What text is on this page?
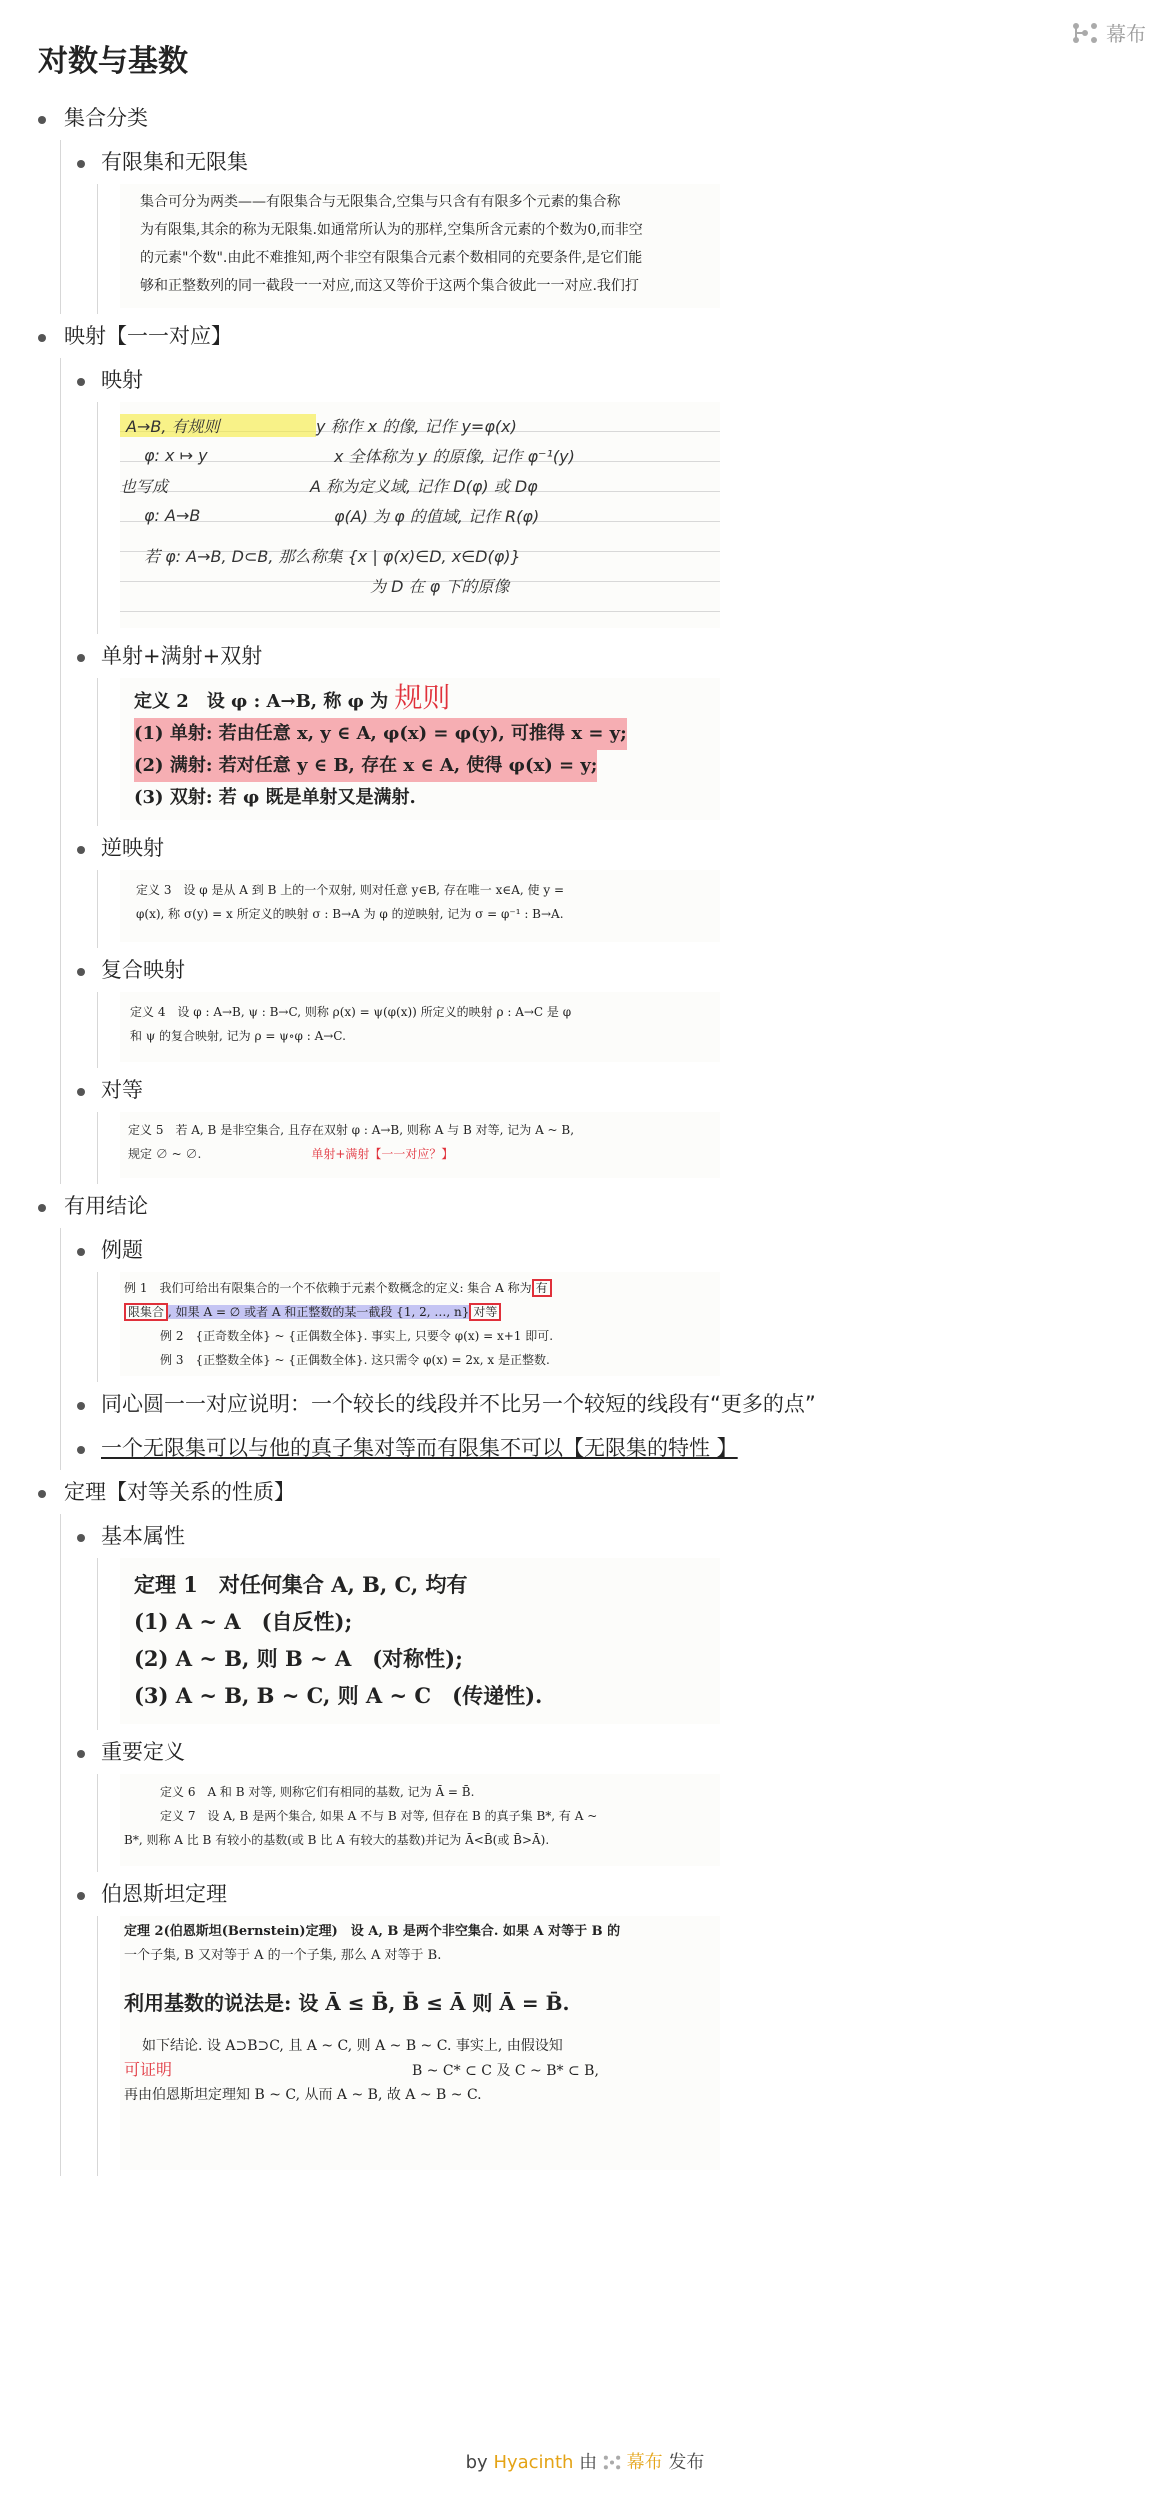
幕布
对数与基数
集合分类
有限集和无限集

集合可分为两类——有限集合与无限集合,空集与只含有有限多个元素的集合称

为有限集,其余的称为无限集.如通常所认为的那样,空集所含元素的个数为0,而非空

的元素"个数".由此不难推知,两个非空有限集合元素个数相同的充要条件,是它们能

够和正整数列的同一截段一一对应,而这又等价于这两个集合彼此一一对应.我们打

映射【一一对应】
映射
A→B, 有规则	y 称作 x 的像, 记作 y=φ(x)
φ: x ↦ y	x 全体称为 y 的原像, 记作 φ⁻¹(y)
也写成	A 称为定义域, 记作 D(φ) 或 Dφ
φ: A→B	φ(A) 为 φ 的值域, 记作 R(φ)
若 φ: A→B, D⊂B, 那么称集 {x | φ(x)∈D, x∈D(φ)}
为 D 在 φ 下的原像
单射+满射+双射

定义 2　设 φ : A→B, 称 φ 为 规则

(1) 单射: 若由任意 x, y ∈ A, φ(x) = φ(y), 可推得 x = y;

(2) 满射: 若对任意 y ∈ B, 存在 x ∈ A, 使得 φ(x) = y;

(3) 双射: 若 φ 既是单射又是满射.

逆映射

定义 3　设 φ 是从 A 到 B 上的一个双射, 则对任意 y∈B, 存在唯一 x∈A, 使 y =

φ(x), 称 σ(y) = x 所定义的映射 σ : B→A 为 φ 的逆映射, 记为 σ = φ⁻¹ : B→A.

复合映射

定义 4　设 φ : A→B, ψ : B→C, 则称 ρ(x) = ψ(φ(x)) 所定义的映射 ρ : A→C 是 φ

和 ψ 的复合映射, 记为 ρ = ψ∘φ : A→C.

对等

定义 5　若 A, B 是非空集合, 且存在双射 φ : A→B, 则称 A 与 B 对等, 记为 A ~ B,

规定 ∅ ~ ∅.	单射+满射【一一对应？】

有用结论
例题

例 1　我们可给出有限集合的一个不依赖于元素个数概念的定义: 集合 A 称为 有

限集合 , 如果 A = ∅ 或者 A 和正整数的某一截段 {1, 2, …, n} 对等

例 2　{正奇数全体} ~ {正偶数全体}. 事实上, 只要令 φ(x) = x+1 即可.

例 3　{正整数全体} ~ {正偶数全体}. 这只需令 φ(x) = 2x, x 是正整数.

同心圆一一对应说明：一个较长的线段并不比另一个较短的线段有“更多的点”
一个无限集可以与他的真子集对等而有限集不可以【无限集的特性 】
定理【对等关系的性质】
基本属性

定理 1　对任何集合 A, B, C, 均有

(1) A ~ A　(自反性);

(2) A ~ B, 则 B ~ A　(对称性);

(3) A ~ B, B ~ C, 则 A ~ C　(传递性).

重要定义

定义 6　A 和 B 对等, 则称它们有相同的基数, 记为 Ā = B̄.

定义 7　设 A, B 是两个集合, 如果 A 不与 B 对等, 但存在 B 的真子集 B*, 有 A ~

B*, 则称 A 比 B 有较小的基数(或 B 比 A 有较大的基数)并记为 Ā<B̄(或 B̄>Ā).

伯恩斯坦定理

定理 2(伯恩斯坦(Bernstein)定理)　设 A, B 是两个非空集合. 如果 A 对等于 B 的

一个子集, B 又对等于 A 的一个子集, 那么 A 对等于 B.

利用基数的说法是: 设 Ā ≤ B̄, B̄ ≤ Ā 则 Ā = B̄.

如下结论. 设 A⊃B⊃C, 且 A ~ C, 则 A ~ B ~ C. 事实上, 由假设知

可证明	B ~ C* ⊂ C 及 C ~ B* ⊂ B,

再由伯恩斯坦定理知 B ~ C, 从而 A ~ B, 故 A ~ B ~ C.

by Hyacinth 由 幕布 发布
